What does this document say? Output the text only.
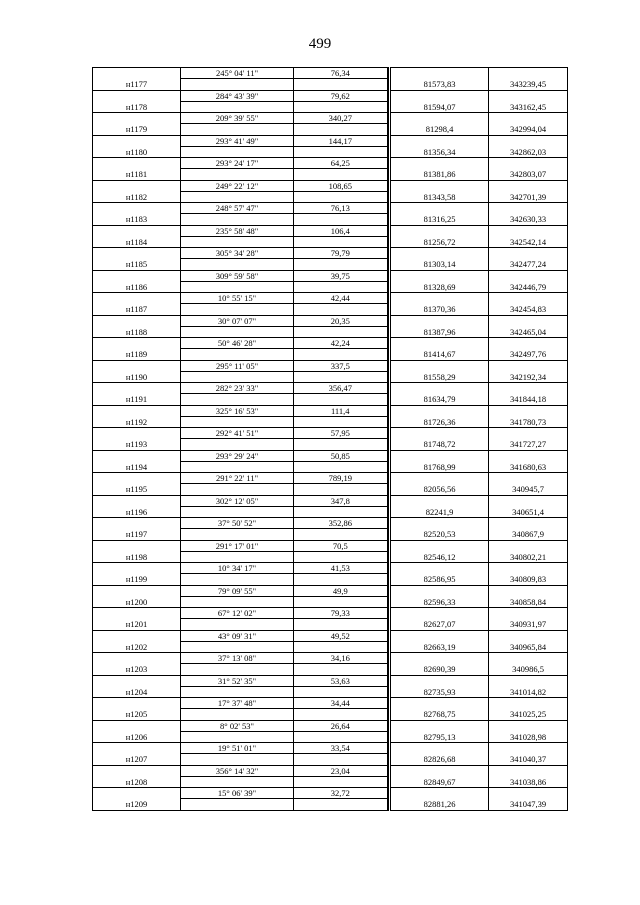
499
	245° 04' 11"	76,34			
н1177				81573,83	343239,45
	284° 43' 39"	79,62			
н1178				81594,07	343162,45
	209° 39' 55"	340,27			
н1179				81298,4	342994,04
	293° 41' 49"	144,17			
н1180				81356,34	342862,03
	293° 24' 17"	64,25			
н1181				81381,86	342803,07
	249° 22' 12"	108,65			
н1182				81343,58	342701,39
	248° 57' 47"	76,13			
н1183				81316,25	342630,33
	235° 58' 48"	106,4			
н1184				81256,72	342542,14
	305° 34' 28"	79,79			
н1185				81303,14	342477,24
	309° 59' 58"	39,75			
н1186				81328,69	342446,79
	10° 55' 15"	42,44			
н1187				81370,36	342454,83
	30° 07' 07"	20,35			
н1188				81387,96	342465,04
	50° 46' 28"	42,24			
н1189				81414,67	342497,76
	295° 11' 05"	337,5			
н1190				81558,29	342192,34
	282° 23' 33"	356,47			
н1191				81634,79	341844,18
	325° 16' 53"	111,4			
н1192				81726,36	341780,73
	292° 41' 51"	57,95			
н1193				81748,72	341727,27
	293° 29' 24"	50,85			
н1194				81768,99	341680,63
	291° 22' 11"	789,19			
н1195				82056,56	340945,7
	302° 12' 05"	347,8			
н1196				82241,9	340651,4
	37° 50' 52"	352,86			
н1197				82520,53	340867,9
	291° 17' 01"	70,5			
н1198				82546,12	340802,21
	10° 34' 17"	41,53			
н1199				82586,95	340809,83
	79° 09' 55"	49,9			
н1200				82596,33	340858,84
	67° 12' 02"	79,33			
н1201				82627,07	340931,97
	43° 09' 31"	49,52			
н1202				82663,19	340965,84
	37° 13' 08"	34,16			
н1203				82690,39	340986,5
	31° 52' 35"	53,63			
н1204				82735,93	341014,82
	17° 37' 48"	34,44			
н1205				82768,75	341025,25
	8° 02' 53"	26,64			
н1206				82795,13	341028,98
	19° 51' 01"	33,54			
н1207				82826,68	341040,37
	356° 14' 32"	23,04			
н1208				82849,67	341038,86
	15° 06' 39"	32,72			
н1209				82881,26	341047,39
